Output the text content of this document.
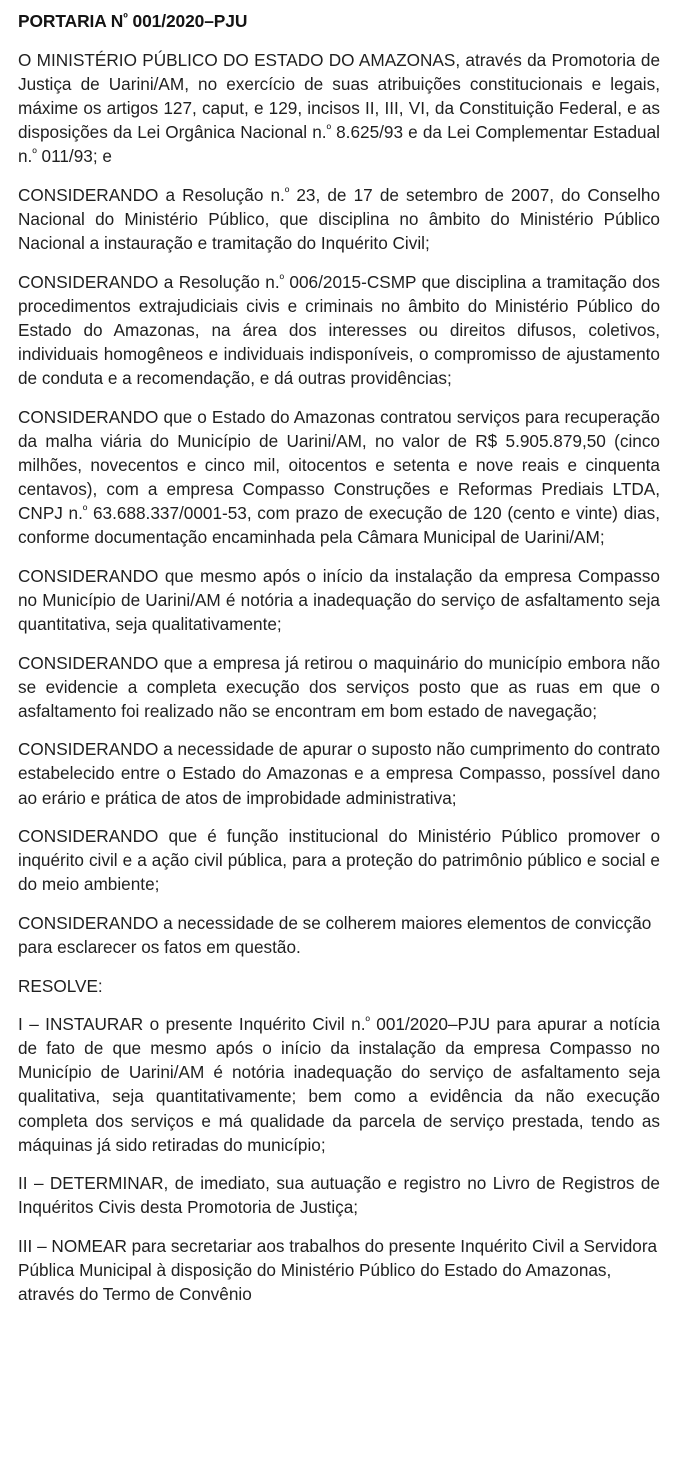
PORTARIA $N^º$ 001/2020–PJU

O MINISTÉRIO PÚBLICO DO ESTADO DO AMAZONAS, através da Promotoria de Justiça de Uarini/AM, no exercício de suas atribuições constitucionais e legais, máxime os artigos 127, caput, e 129, incisos II, III, VI, da Constituição Federal, e as disposições da Lei Orgânica Nacional n.$^º$ 8.625/93 e da Lei Complementar Estadual n.$^º$ 011/93; e

CONSIDERANDO a Resolução n.$^º$ 23, de 17 de setembro de 2007, do Conselho Nacional do Ministério Público, que disciplina no âmbito do Ministério Público Nacional a instauração e tramitação do Inquérito Civil;

CONSIDERANDO a Resolução n.$^º$ 006/2015-CSMP que disciplina a tramitação dos procedimentos extrajudiciais civis e criminais no âmbito do Ministério Público do Estado do Amazonas, na área dos interesses ou direitos difusos, coletivos, individuais homogêneos e individuais indisponíveis, o compromisso de ajustamento de conduta e a recomendação, e dá outras providências;

CONSIDERANDO que o Estado do Amazonas contratou serviços para recuperação da malha viária do Município de Uarini/AM, no valor de R$ 5.905.879,50 (cinco milhões, novecentos e cinco mil, oitocentos e setenta e nove reais e cinquenta centavos), com a empresa Compasso Construções e Reformas Prediais LTDA, CNPJ n.$^º$ 63.688.337/0001-53, com prazo de execução de 120 (cento e vinte) dias, conforme documentação encaminhada pela Câmara Municipal de Uarini/AM;

CONSIDERANDO que mesmo após o início da instalação da empresa Compasso no Município de Uarini/AM é notória a inadequação do serviço de asfaltamento seja quantitativa, seja qualitativamente;

CONSIDERANDO que a empresa já retirou o maquinário do município embora não se evidencie a completa execução dos serviços posto que as ruas em que o asfaltamento foi realizado não se encontram em bom estado de navegação;

CONSIDERANDO a necessidade de apurar o suposto não cumprimento do contrato estabelecido entre o Estado do Amazonas e a empresa Compasso, possível dano ao erário e prática de atos de improbidade administrativa;

CONSIDERANDO que é função institucional do Ministério Público promover o inquérito civil e a ação civil pública, para a proteção do patrimônio público e social e do meio ambiente;

CONSIDERANDO a necessidade de se colherem maiores elementos de convicção para esclarecer os fatos em questão.

RESOLVE:

I – INSTAURAR o presente Inquérito Civil n.$^º$ 001/2020–PJU para apurar a notícia de fato de que mesmo após o início da instalação da empresa Compasso no Município de Uarini/AM é notória inadequação do serviço de asfaltamento seja qualitativa, seja quantitativamente; bem como a evidência da não execução completa dos serviços e má qualidade da parcela de serviço prestada, tendo as máquinas já sido retiradas do município;

II – DETERMINAR, de imediato, sua autuação e registro no Livro de Registros de Inquéritos Civis desta Promotoria de Justiça;

III – NOMEAR para secretariar aos trabalhos do presente Inquérito Civil a Servidora Pública Municipal à disposição do Ministério Público do Estado do Amazonas, através do Termo de Convênio
